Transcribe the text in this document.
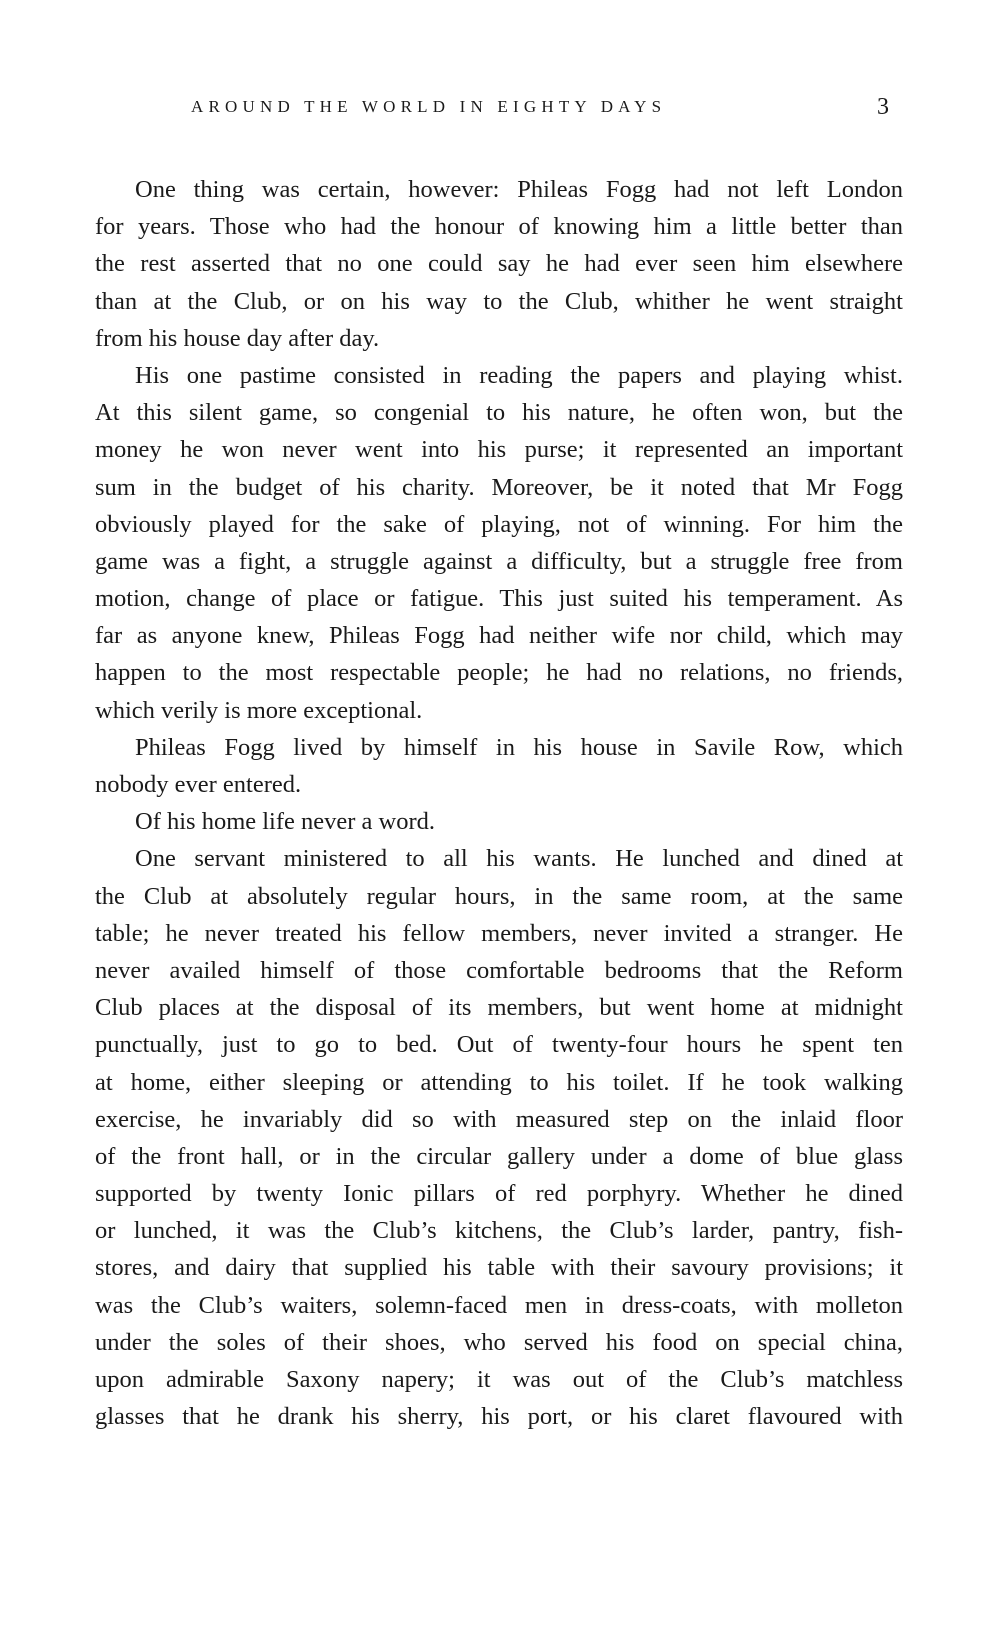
AROUND THE WORLD IN EIGHTY DAYS	3
One thing was certain, however: Phileas Fogg had not left London
for years. Those who had the honour of knowing him a little better than
the rest asserted that no one could say he had ever seen him elsewhere
than at the Club, or on his way to the Club, whither he went straight
from his house day after day.
His one pastime consisted in reading the papers and playing whist.
At this silent game, so congenial to his nature, he often won, but the
money he won never went into his purse; it represented an important
sum in the budget of his charity. Moreover, be it noted that Mr Fogg
obviously played for the sake of playing, not of winning. For him the
game was a fight, a struggle against a difficulty, but a struggle free from
motion, change of place or fatigue. This just suited his temperament. As
far as anyone knew, Phileas Fogg had neither wife nor child, which may
happen to the most respectable people; he had no relations, no friends,
which verily is more exceptional.
Phileas Fogg lived by himself in his house in Savile Row, which
nobody ever entered.
Of his home life never a word.
One servant ministered to all his wants. He lunched and dined at
the Club at absolutely regular hours, in the same room, at the same
table; he never treated his fellow members, never invited a stranger. He
never availed himself of those comfortable bedrooms that the Reform
Club places at the disposal of its members, but went home at midnight
punctually, just to go to bed. Out of twenty-four hours he spent ten
at home, either sleeping or attending to his toilet. If he took walking
exercise, he invariably did so with measured step on the inlaid floor
of the front hall, or in the circular gallery under a dome of blue glass
supported by twenty Ionic pillars of red porphyry. Whether he dined
or lunched, it was the Club’s kitchens, the Club’s larder, pantry, fish-
stores, and dairy that supplied his table with their savoury provisions; it
was the Club’s waiters, solemn-faced men in dress-coats, with molleton
under the soles of their shoes, who served his food on special china,
upon admirable Saxony napery; it was out of the Club’s matchless
glasses that he drank his sherry, his port, or his claret flavoured with
